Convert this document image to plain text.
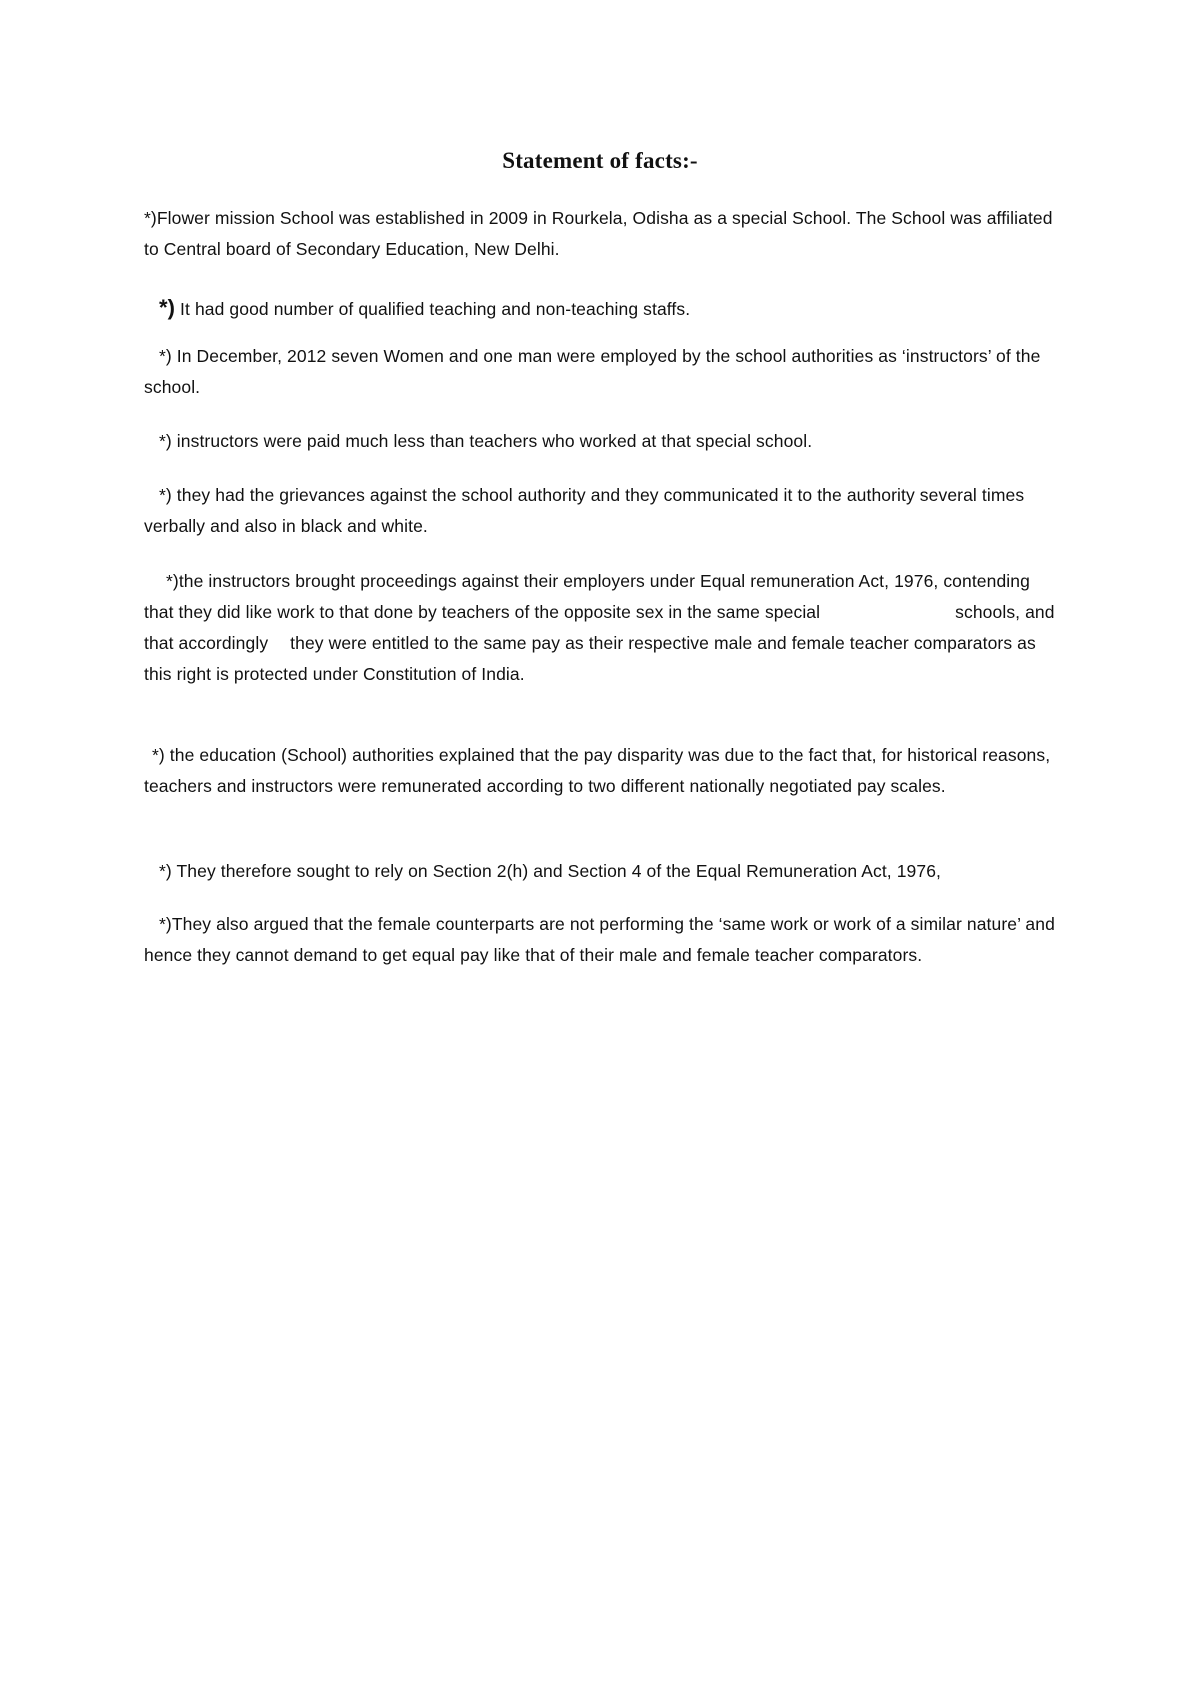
Statement of facts:-

*)Flower mission School was established in 2009 in Rourkela, Odisha as a special School. The School was affiliated to Central board of Secondary Education, New Delhi.

*) It had good number of qualified teaching and non-teaching staffs.

*) In December, 2012 seven Women and one man were employed by the school authorities as ‘instructors’ of the school.

*) instructors were paid much less than teachers who worked at that special school.

*) they had the grievances against the school authority and they communicated it to the authority several times verbally and also in black and white.

*)the instructors brought proceedings against their employers under Equal remuneration Act, 1976, contending that they did like work to that done by teachers of the opposite sex in the same special	schools, and that accordingly they were entitled to the same pay as their respective male and female teacher comparators as this right is protected under Constitution of India.

*) the education (School) authorities explained that the pay disparity was due to the fact that, for historical reasons, teachers and instructors were remunerated according to two different nationally negotiated pay scales.

*) They therefore sought to rely on Section 2(h) and Section 4 of the Equal Remuneration Act, 1976,

*)They also argued that the female counterparts are not performing the ‘same work or work of a similar nature’ and hence they cannot demand to get equal pay like that of their male and female teacher comparators.
